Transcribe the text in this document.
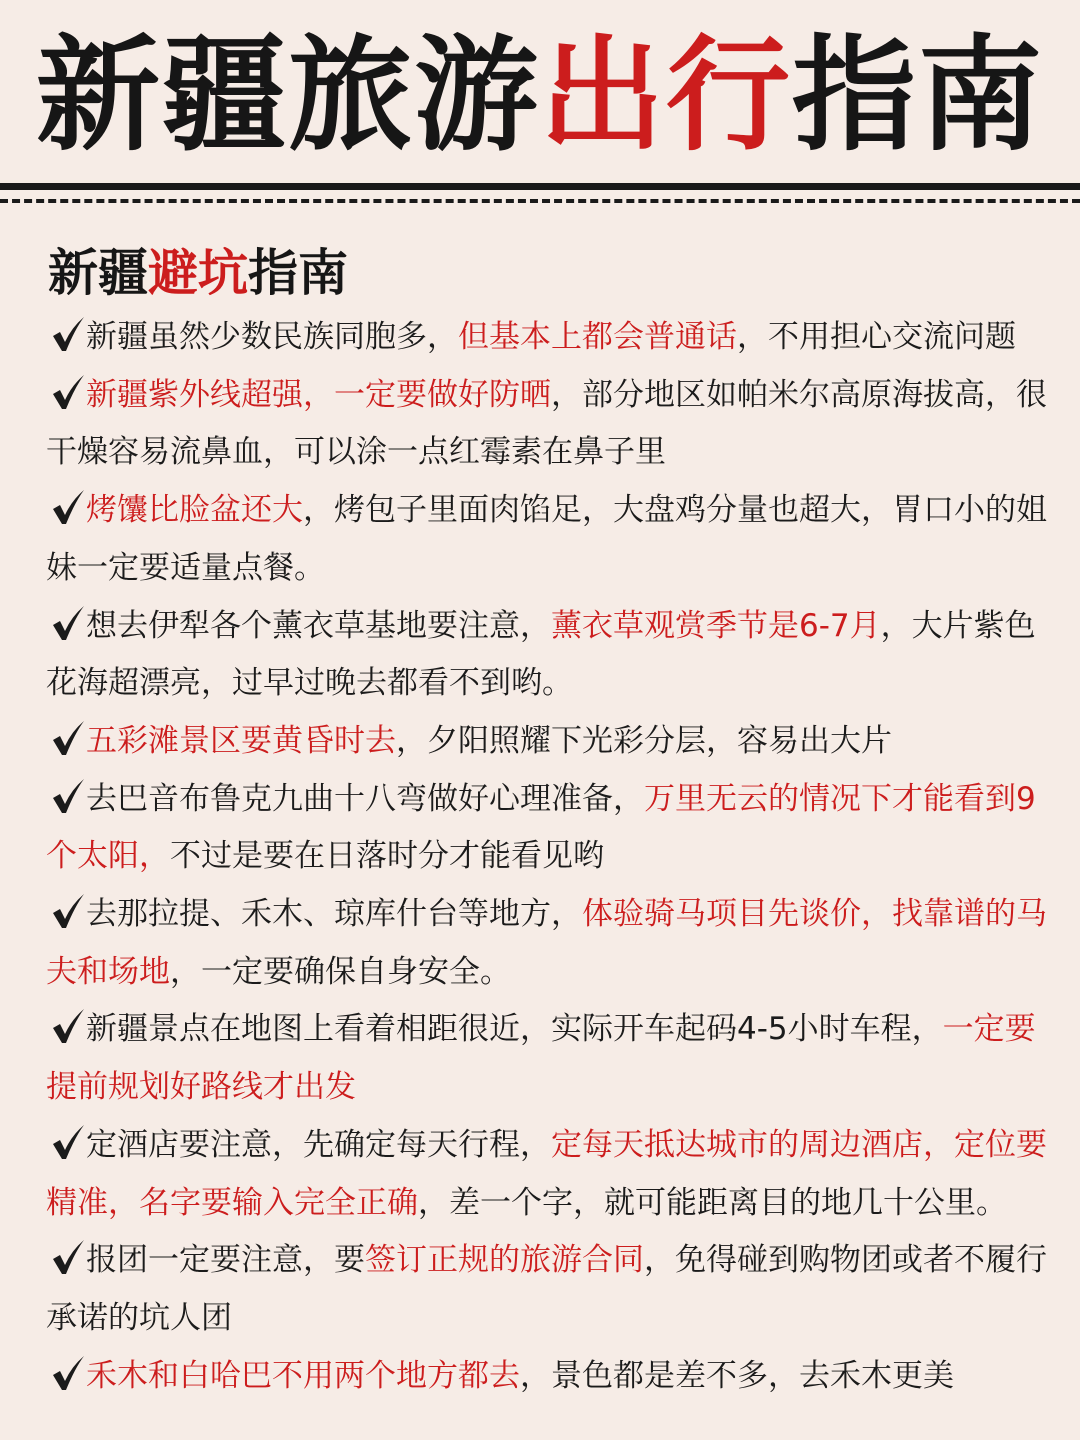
新疆旅游出行指南
新疆避坑指南
新疆虽然少数民族同胞多，但基本上都会普通话，不用担心交流问题
新疆紫外线超强，一定要做好防晒，部分地区如帕米尔高原海拔高，很干燥容易流鼻血，可以涂一点红霉素在鼻子里
烤馕比脸盆还大，烤包子里面肉馅足，大盘鸡分量也超大，胃口小的姐妹一定要适量点餐。
想去伊犁各个薰衣草基地要注意，薰衣草观赏季节是6-7月，大片紫色花海超漂亮，过早过晚去都看不到哟。
五彩滩景区要黄昏时去，夕阳照耀下光彩分层，容易出大片
去巴音布鲁克九曲十八弯做好心理准备，万里无云的情况下才能看到9个太阳，不过是要在日落时分才能看见哟
去那拉提、禾木、琼库什台等地方，体验骑马项目先谈价，找靠谱的马夫和场地，一定要确保自身安全。
新疆景点在地图上看着相距很近，实际开车起码4-5小时车程，一定要提前规划好路线才出发
定酒店要注意，先确定每天行程，定每天抵达城市的周边酒店，定位要精准，名字要输入完全正确，差一个字，就可能距离目的地几十公里。
报团一定要注意，要签订正规的旅游合同，免得碰到购物团或者不履行承诺的坑人团
禾木和白哈巴不用两个地方都去，景色都是差不多，去禾木更美
